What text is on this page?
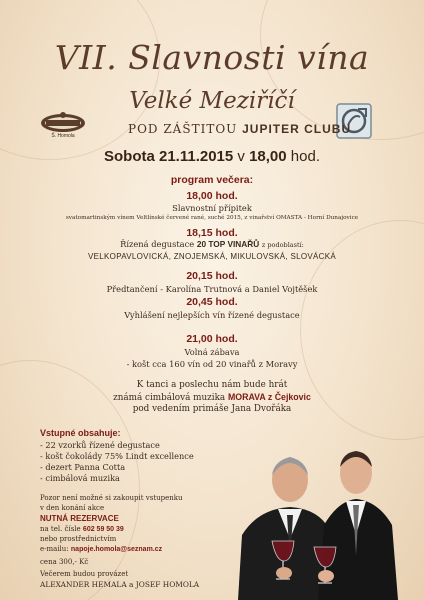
VII. Slavnosti vína
Velké Meziříčí
Š. Homola	POD ZÁŠTITOU JUPITER CLUBU
Sobota 21.11.2015 v 18,00 hod.
program večera:
18,00 hod.
Slavnostní přípitek
svatomartinským vínem Veltlínské červené rané, suché 2015, z vinařství OMASTA - Horní Dunajovice
18,15 hod.
Řízená degustace 20 TOP VINAŘŮ z podoblastí:
VELKOPAVLOVICKÁ, ZNOJEMSKÁ, MIKULOVSKÁ, SLOVÁCKÁ
20,15 hod.
Předtančení - Karolína Trutnová a Daniel Vojtěšek
20,45 hod.
Vyhlášení nejlepších vín řízené degustace
21,00 hod.
Volná zábava
- košt cca 160 vín od 20 vinařů z Moravy
K tanci a poslechu nám bude hrát
známá cimbálová muzika MORAVA z Čejkovic
pod vedením primáše Jana Dvořáka
Vstupné obsahuje:
- 22 vzorků řízené degustace
- košt čokolády 75% Lindt excellence
- dezert Panna Cotta
- cimbálová muzika
Pozor není možné si zakoupit vstupenku
v den konání akce
NUTNÁ REZERVACE
na tel. čísle 602 59 50 39
nebo prostřednictvím
e-mailu: napoje.homola@seznam.cz
cena 300,- Kč
Večerem budou provázet
ALEXANDER HEMALA a JOSEF HOMOLA
